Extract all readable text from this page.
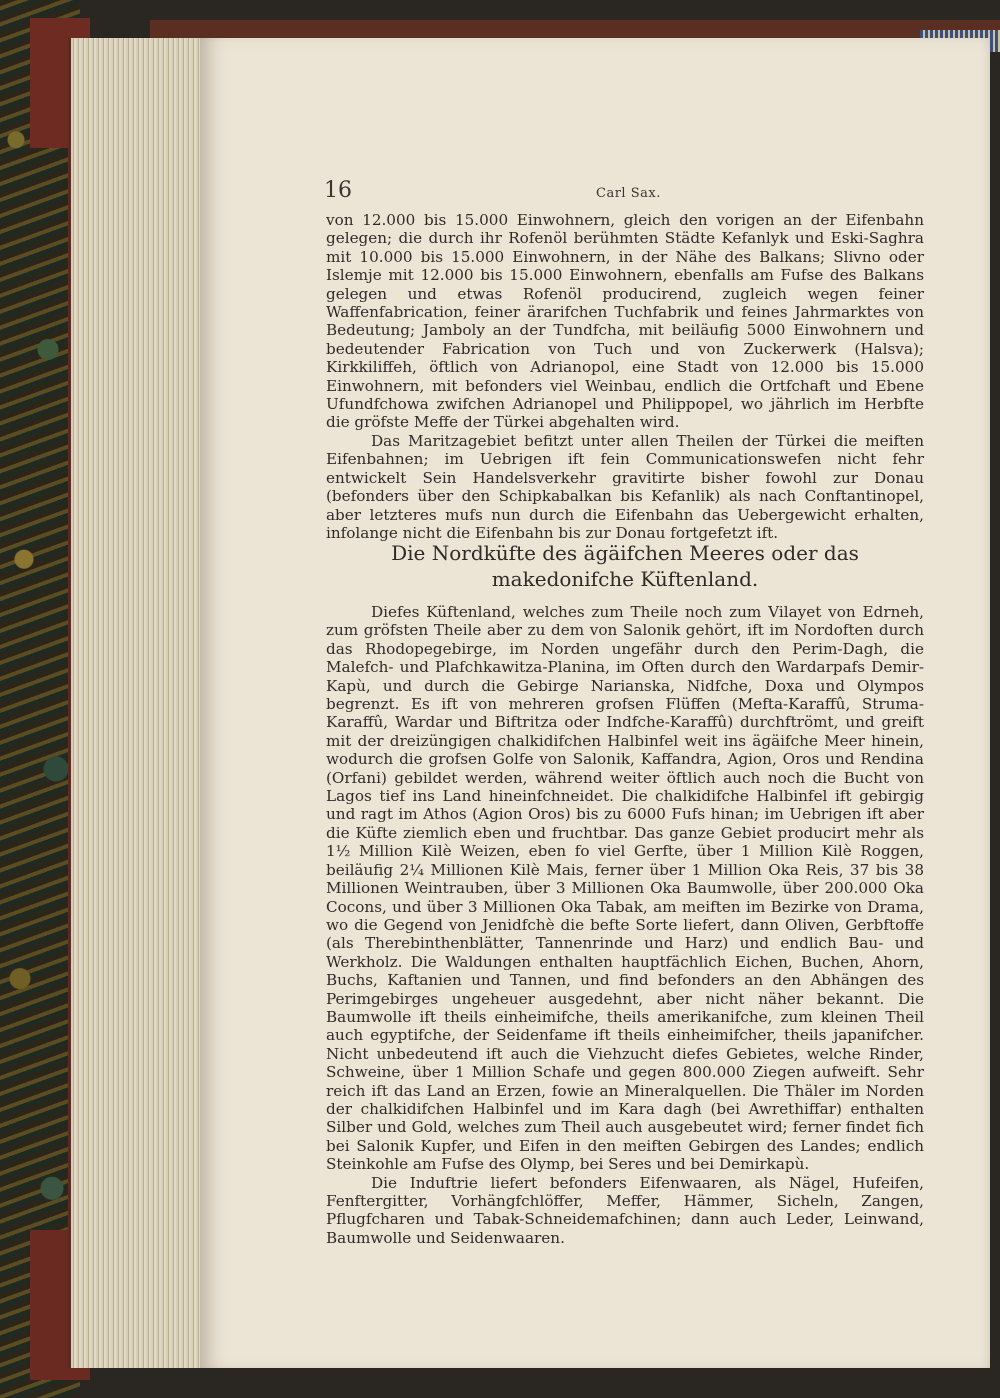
16	Carl Sax.

von 12.000 bis 15.000 Einwohnern, gleich den vorigen an der Eifenbahn gelegen; die durch ihr Rofenöl berühmten Städte Kefanlyk und Eski-Saghra mit 10.000 bis 15.000 Einwohnern, in der Nähe des Balkans; Slivno oder Islemje mit 12.000 bis 15.000 Einwohnern, ebenfalls am Fufse des Balkans gelegen und etwas Rofenöl producirend, zugleich wegen feiner Waffenfabrication, feiner ärarifchen Tuchfabrik und feines Jahrmarktes von Bedeutung; Jamboly an der Tundfcha, mit beiläufig 5000 Einwohnern und bedeutender Fabrication von Tuch und von Zuckerwerk (Halsva); Kirkkiliffeh, öftlich von Adrianopol, eine Stadt von 12.000 bis 15.000 Einwohnern, mit befonders viel Weinbau, endlich die Ortfchaft und Ebene Ufundfchowa zwifchen Adrianopel und Philippopel, wo jährlich im Herbfte die gröfste Meffe der Türkei abgehalten wird.

Das Maritzagebiet befitzt unter allen Theilen der Türkei die meiften Eifenbahnen; im Uebrigen ift fein Communicationswefen nicht fehr entwickelt Sein Handelsverkehr gravitirte bisher fowohl zur Donau (befonders über den Schipkabalkan bis Kefanlik) als nach Conftantinopel, aber letzteres mufs nun durch die Eifenbahn das Uebergewicht erhalten, infolange nicht die Eifenbahn bis zur Donau fortgefetzt ift.

Die Nordküfte des ägäifchen Meeres oder das makedonifche Küftenland.

Diefes Küftenland, welches zum Theile noch zum Vilayet von Edrneh, zum gröfsten Theile aber zu dem von Salonik gehört, ift im Nordoften durch das Rhodopegebirge, im Norden ungefähr durch den Perim-Dagh, die Malefch- und Plafchkawitza-Planina, im Often durch den Wardarpafs Demir-Kapù, und durch die Gebirge Narianska, Nidfche, Doxa und Olympos begrenzt. Es ift von mehreren grofsen Flüffen (Mefta-Karaffû, Struma-Karaffû, Wardar und Biftritza oder Indfche-Karaffû) durchftrömt, und greift mit der dreizüngigen chalkidifchen Halbinfel weit ins ägäifche Meer hinein, wodurch die grofsen Golfe von Salonik, Kaffandra, Agion, Oros und Rendina (Orfani) gebildet werden, während weiter öftlich auch noch die Bucht von Lagos tief ins Land hineinfchneidet. Die chalkidifche Halbinfel ift gebirgig und ragt im Athos (Agion Oros) bis zu 6000 Fufs hinan; im Uebrigen ift aber die Küfte ziemlich eben und fruchtbar. Das ganze Gebiet producirt mehr als 1½ Million Kilè Weizen, eben fo viel Gerfte, über 1 Million Kilè Roggen, beiläufig 2¼ Millionen Kilè Mais, ferner über 1 Million Oka Reis, 37 bis 38 Millionen Weintrauben, über 3 Millionen Oka Baumwolle, über 200.000 Oka Cocons, und über 3 Millionen Oka Tabak, am meiften im Bezirke von Drama, wo die Gegend von Jenidfchè die befte Sorte liefert, dann Oliven, Gerbftoffe (als Therebinthenblätter, Tannenrinde und Harz) und endlich Bau- und Werkholz. Die Waldungen enthalten hauptfächlich Eichen, Buchen, Ahorn, Buchs, Kaftanien und Tannen, und find befonders an den Abhängen des Perimgebirges ungeheuer ausgedehnt, aber nicht näher bekannt. Die Baumwolle ift theils einheimifche, theils amerikanifche, zum kleinen Theil auch egyptifche, der Seidenfame ift theils einheimifcher, theils japanifcher. Nicht unbedeutend ift auch die Viehzucht diefes Gebietes, welche Rinder, Schweine, über 1 Million Schafe und gegen 800.000 Ziegen aufweift. Sehr reich ift das Land an Erzen, fowie an Mineralquellen. Die Thäler im Norden der chalkidifchen Halbinfel und im Kara dagh (bei Awrethiffar) enthalten Silber und Gold, welches zum Theil auch ausgebeutet wird; ferner findet fich bei Salonik Kupfer, und Eifen in den meiften Gebirgen des Landes; endlich Steinkohle am Fufse des Olymp, bei Seres und bei Demirkapù.

Die Induftrie liefert befonders Eifenwaaren, als Nägel, Hufeifen, Fenftergitter, Vorhängfchlöffer, Meffer, Hämmer, Sicheln, Zangen, Pflugfcharen und Tabak-Schneidemafchinen; dann auch Leder, Leinwand, Baumwolle und Seidenwaaren.
